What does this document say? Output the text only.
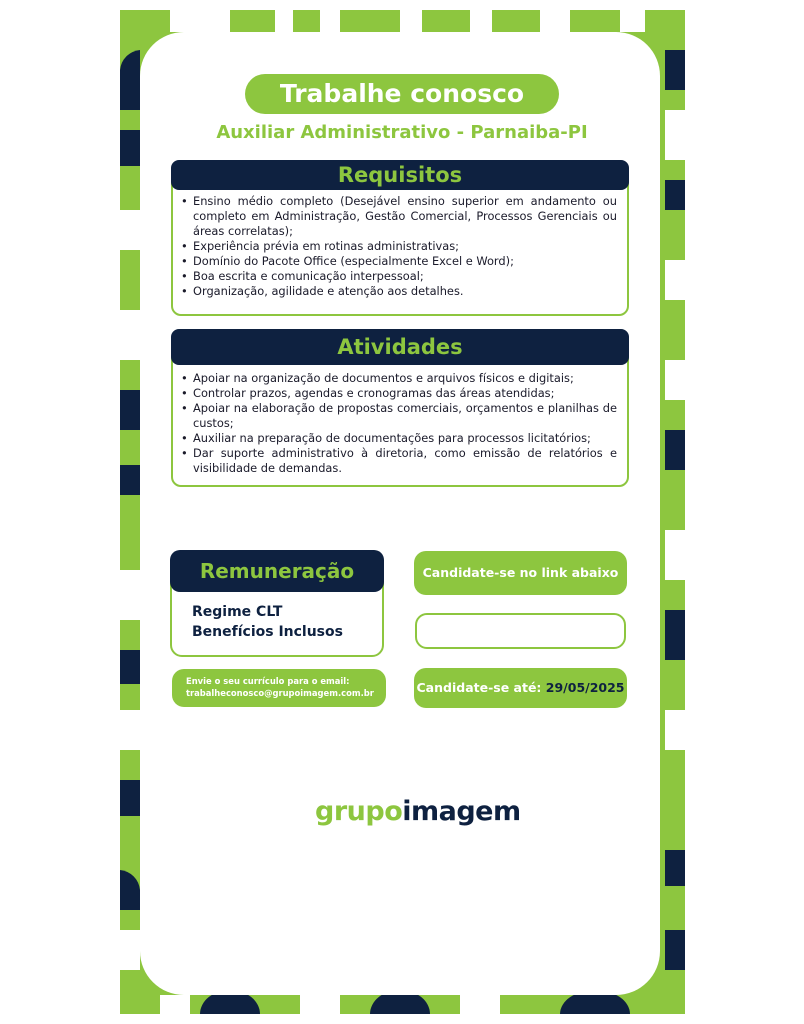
Trabalhe conosco
Auxiliar Administrativo - Parnaiba-PI
Requisitos
• Ensino médio completo (Desejável ensino superior em andamento ou completo em Administração, Gestão Comercial, Processos Gerenciais ou áreas correlatas);
• Experiência prévia em rotinas administrativas;
• Domínio do Pacote Office (especialmente Excel e Word);
• Boa escrita e comunicação interpessoal;
• Organização, agilidade e atenção aos detalhes.
Atividades
• Apoiar na organização de documentos e arquivos físicos e digitais;
• Controlar prazos, agendas e cronogramas das áreas atendidas;
• Apoiar na elaboração de propostas comerciais, orçamentos e planilhas de custos;
• Auxiliar na preparação de documentações para processos licitatórios;
• Dar suporte administrativo à diretoria, como emissão de relatórios e visibilidade de demandas.
Remuneração
Regime CLT
Benefícios Inclusos
Candidate-se no link abaixo
Envie o seu currículo para o email:
trabalheconosco@grupoimagem.com.br	Candidate-se até: 29/05/2025
grupoimagem
